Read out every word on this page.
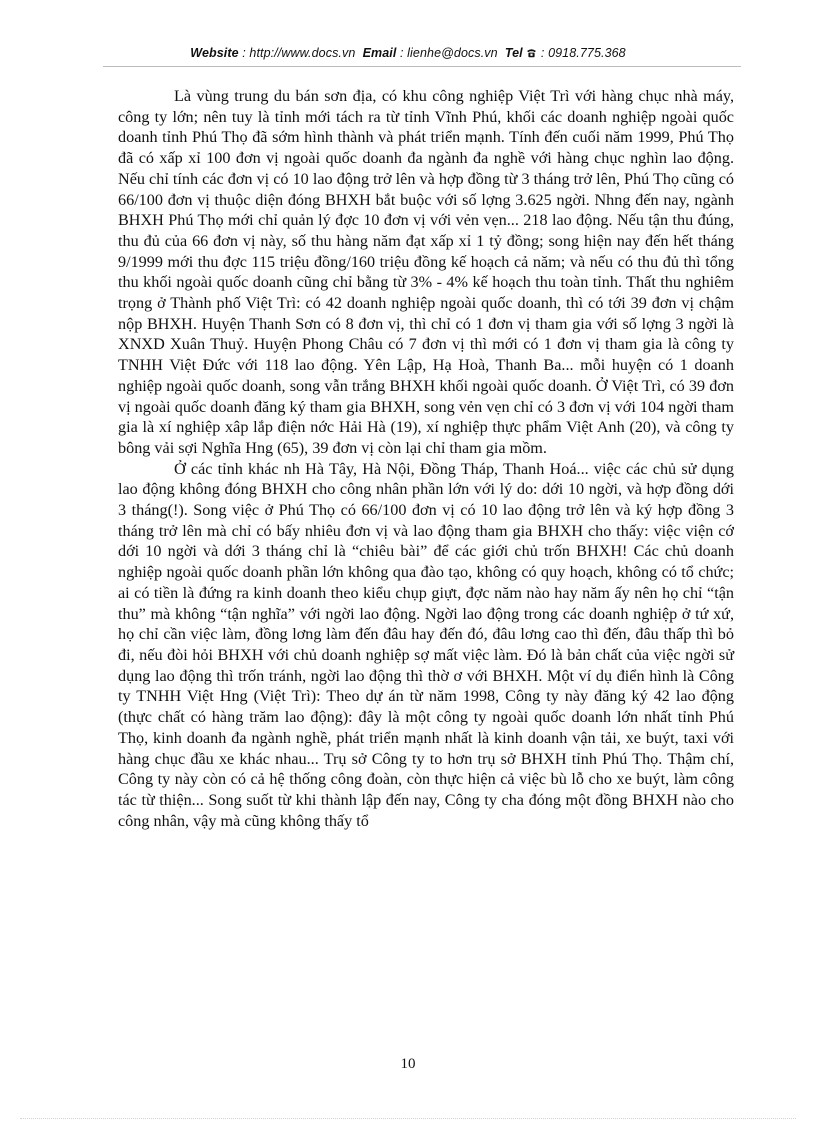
Website : http://www.docs.vn Email : lienhe@docs.vn Tel : 0918.775.368

Là vùng trung du bán sơn địa, có khu công nghiệp Việt Trì với hàng chục nhà máy, công ty lớn; nên tuy là tỉnh mới tách ra từ tỉnh Vĩnh Phú, khối các doanh nghiệp ngoài quốc doanh tỉnh Phú Thọ đã sớm hình thành và phát triển mạnh. Tính đến cuối năm 1999, Phú Thọ đã có xấp xỉ 100 đơn vị ngoài quốc doanh đa ngành đa nghề với hàng chục nghìn lao động. Nếu chỉ tính các đơn vị có 10 lao động trở lên và hợp đồng từ 3 tháng trở lên, Phú Thọ cũng có 66/100 đơn vị thuộc diện đóng BHXH bắt buộc với số lợng 3.625 ngời. Nhng đến nay, ngành BHXH Phú Thọ mới chỉ quản lý đợc 10 đơn vị với vẻn vẹn... 218 lao động. Nếu tận thu đúng, thu đủ của 66 đơn vị này, số thu hàng năm đạt xấp xỉ 1 tỷ đồng; song hiện nay đến hết tháng 9/1999 mới thu đợc 115 triệu đồng/160 triệu đồng kế hoạch cả năm; và nếu có thu đủ thì tổng thu khối ngoài quốc doanh cũng chỉ bằng từ 3% - 4% kế hoạch thu toàn tỉnh. Thất thu nghiêm trọng ở Thành phố Việt Trì: có 42 doanh nghiệp ngoài quốc doanh, thì có tới 39 đơn vị chậm nộp BHXH. Huyện Thanh Sơn có 8 đơn vị, thì chỉ có 1 đơn vị tham gia với số lợng 3 ngời là XNXD Xuân Thuỷ. Huyện Phong Châu có 7 đơn vị thì mới có 1 đơn vị tham gia là công ty TNHH Việt Đức với 118 lao động. Yên Lập, Hạ Hoà, Thanh Ba... mỗi huyện có 1 doanh nghiệp ngoài quốc doanh, song vẫn trắng BHXH khối ngoài quốc doanh. Ở Việt Trì, có 39 đơn vị ngoài quốc doanh đăng ký tham gia BHXH, song vẻn vẹn chỉ có 3 đơn vị với 104 ngời tham gia là xí nghiệp xâp lắp điện nớc Hải Hà (19), xí nghiệp thực phẩm Việt Anh (20), và công ty bông vải sợi Nghĩa Hng (65), 39 đơn vị còn lại chỉ tham gia mồm.

Ở các tỉnh khác nh Hà Tây, Hà Nội, Đồng Tháp, Thanh Hoá... việc các chủ sử dụng lao động không đóng BHXH cho công nhân phần lớn với lý do: dới 10 ngời, và hợp đồng dới 3 tháng(!). Song việc ở Phú Thọ có 66/100 đơn vị có 10 lao động trở lên và ký hợp đồng 3 tháng trở lên mà chỉ có bấy nhiêu đơn vị và lao động tham gia BHXH cho thấy: việc viện cớ dới 10 ngời và dới 3 tháng chỉ là “chiêu bài” để các giới chủ trốn BHXH! Các chủ doanh nghiệp ngoài quốc doanh phần lớn không qua đào tạo, không có quy hoạch, không có tổ chức; ai có tiền là đứng ra kinh doanh theo kiểu chụp giựt, đợc năm nào hay năm ấy nên họ chỉ “tận thu” mà không “tận nghĩa” với ngời lao động. Ngời lao động trong các doanh nghiệp ở tứ xứ, họ chỉ cần việc làm, đồng lơng làm đến đâu hay đến đó, đâu lơng cao thì đến, đâu thấp thì bỏ đi, nếu đòi hỏi BHXH với chủ doanh nghiệp sợ mất việc làm. Đó là bản chất của việc ngời sử dụng lao động thì trốn tránh, ngời lao động thì thờ ơ với BHXH. Một ví dụ điển hình là Công ty TNHH Việt Hng (Việt Trì): Theo dự án từ năm 1998, Công ty này đăng ký 42 lao động (thực chất có hàng trăm lao động): đây là một công ty ngoài quốc doanh lớn nhất tỉnh Phú Thọ, kinh doanh đa ngành nghề, phát triển mạnh nhất là kinh doanh vận tải, xe buýt, taxi với hàng chục đầu xe khác nhau... Trụ sở Công ty to hơn trụ sở BHXH tỉnh Phú Thọ. Thậm chí, Công ty này còn có cả hệ thống công đoàn, còn thực hiện cả việc bù lỗ cho xe buýt, làm công tác từ thiện... Song suốt từ khi thành lập đến nay, Công ty cha đóng một đồng BHXH nào cho công nhân, vậy mà cũng không thấy tổ

10
